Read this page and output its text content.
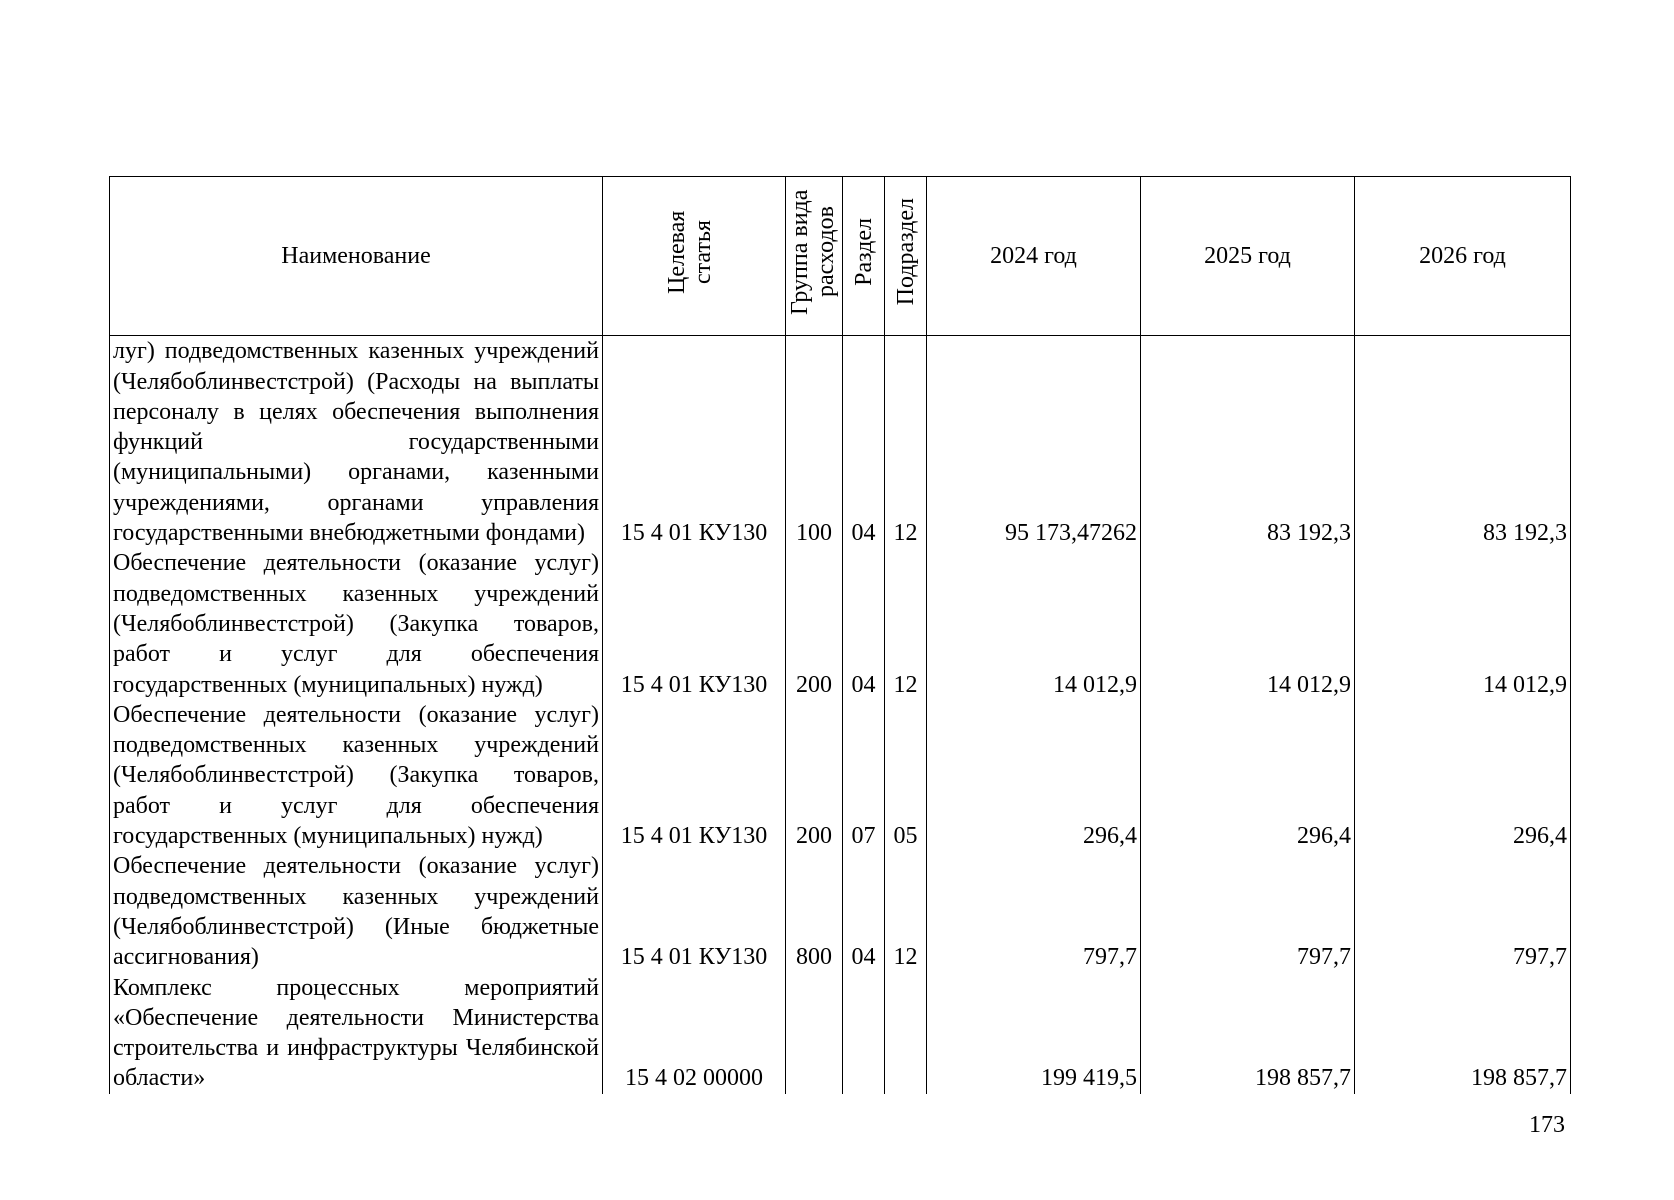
Наименование	Целевая статья	Группа вида расходов	Раздел	Подраздел	2024 год	2025 год	2026 год
луг) подведомственных казенных учреждений (Челябоблинвестстрой) (Расходы на выплаты персоналу в целях обеспечения выполнения функций государственными (муниципальными) органами, казенными учреждениями, органами управления государственными внебюджетными фондами)	15 4 01 КУ130	100	04	12	95 173,47262	83 192,3	83 192,3
Обеспечение деятельности (оказание услуг) подведомственных казенных учреждений (Челябоблинвестстрой) (Закупка товаров, работ и услуг для обеспечения государственных (муниципальных) нужд)	15 4 01 КУ130	200	04	12	14 012,9	14 012,9	14 012,9
Обеспечение деятельности (оказание услуг) подведомственных казенных учреждений (Челябоблинвестстрой) (Закупка товаров, работ и услуг для обеспечения государственных (муниципальных) нужд)	15 4 01 КУ130	200	07	05	296,4	296,4	296,4
Обеспечение деятельности (оказание услуг) подведомственных казенных учреждений (Челябоблинвестстрой) (Иные бюджетные ассигнования)	15 4 01 КУ130	800	04	12	797,7	797,7	797,7
Комплекс процессных мероприятий «Обеспечение деятельности Министерства строительства и инфраструктуры Челябинской области»	15 4 02 00000				199 419,5	198 857,7	198 857,7
173
